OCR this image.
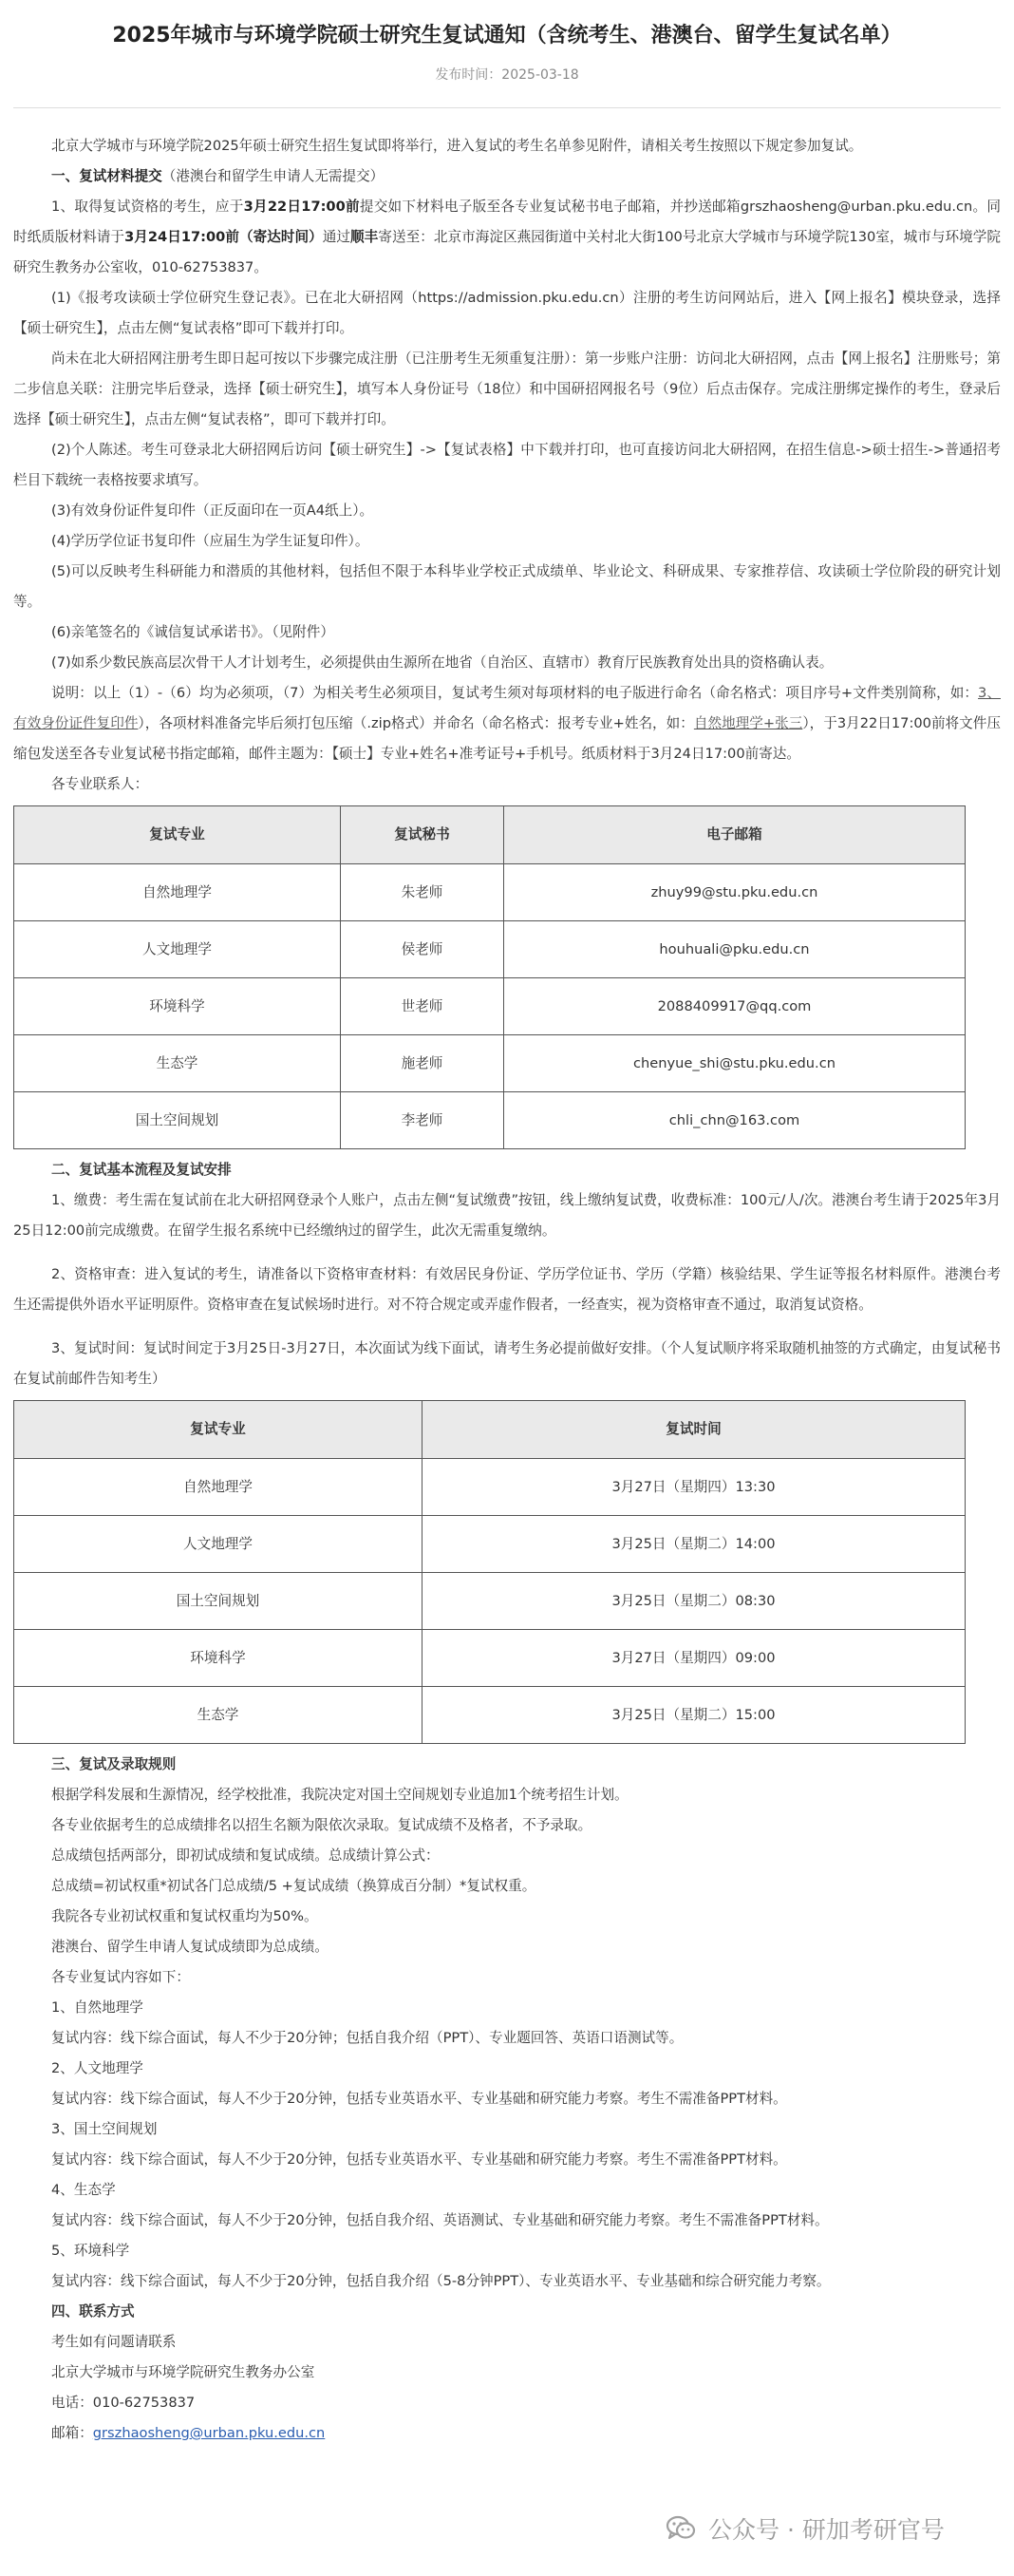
2025年城市与环境学院硕士研究生复试通知（含统考生、港澳台、留学生复试名单）
发布时间：2025-03-18

北京大学城市与环境学院2025年硕士研究生招生复试即将举行，进入复试的考生名单参见附件，请相关考生按照以下规定参加复试。

一、复试材料提交（港澳台和留学生申请人无需提交）

1、取得复试资格的考生，应于3月22日17:00前提交如下材料电子版至各专业复试秘书电子邮箱，并抄送邮箱grszhaosheng@urban.pku.edu.cn。同时纸质版材料请于3月24日17:00前（寄达时间）通过顺丰寄送至：北京市海淀区燕园街道中关村北大街100号北京大学城市与环境学院130室，城市与环境学院研究生教务办公室收，010-62753837。

(1)《报考攻读硕士学位研究生登记表》。已在北大研招网（https://admission.pku.edu.cn）注册的考生访问网站后，进入【网上报名】模块登录，选择【硕士研究生】，点击左侧“复试表格”即可下载并打印。

尚未在北大研招网注册考生即日起可按以下步骤完成注册（已注册考生无须重复注册）：第一步账户注册：访问北大研招网，点击【网上报名】注册账号；第二步信息关联：注册完毕后登录，选择【硕士研究生】，填写本人身份证号（18位）和中国研招网报名号（9位）后点击保存。完成注册绑定操作的考生，登录后选择【硕士研究生】，点击左侧“复试表格”，即可下载并打印。

(2)个人陈述。考生可登录北大研招网后访问【硕士研究生】->【复试表格】中下载并打印，也可直接访问北大研招网，在招生信息->硕士招生->普通招考 栏目下载统一表格按要求填写。

(3)有效身份证件复印件（正反面印在一页A4纸上）。

(4)学历学位证书复印件（应届生为学生证复印件）。

(5)可以反映考生科研能力和潜质的其他材料，包括但不限于本科毕业学校正式成绩单、毕业论文、科研成果、专家推荐信、攻读硕士学位阶段的研究计划等。

(6)亲笔签名的《诚信复试承诺书》。（见附件）

(7)如系少数民族高层次骨干人才计划考生，必须提供由生源所在地省（自治区、直辖市）教育厅民族教育处出具的资格确认表。

说明：以上（1）-（6）均为必须项，（7）为相关考生必须项目，复试考生须对每项材料的电子版进行命名（命名格式：项目序号+文件类别简称，如：3、有效身份证件复印件），各项材料准备完毕后须打包压缩（.zip格式）并命名（命名格式：报考专业+姓名，如：自然地理学+张三），于3月22日17:00前将文件压缩包发送至各专业复试秘书指定邮箱，邮件主题为：【硕士】专业+姓名+准考证号+手机号。纸质材料于3月24日17:00前寄达。

各专业联系人：

复试专业	复试秘书	电子邮箱
自然地理学	朱老师	zhuy99@stu.pku.edu.cn
人文地理学	侯老师	houhuali@pku.edu.cn
环境科学	世老师	2088409917@qq.com
生态学	施老师	chenyue_shi@stu.pku.edu.cn
国土空间规划	李老师	chli_chn@163.com

二、复试基本流程及复试安排

1、缴费：考生需在复试前在北大研招网登录个人账户，点击左侧“复试缴费”按钮，线上缴纳复试费，收费标准：100元/人/次。港澳台考生请于2025年3月25日12:00前完成缴费。在留学生报名系统中已经缴纳过的留学生，此次无需重复缴纳。

2、资格审查：进入复试的考生，请准备以下资格审查材料：有效居民身份证、学历学位证书、学历（学籍）核验结果、学生证等报名材料原件。港澳台考生还需提供外语水平证明原件。资格审查在复试候场时进行。对不符合规定或弄虚作假者，一经查实，视为资格审查不通过，取消复试资格。

3、复试时间：复试时间定于3月25日-3月27日，本次面试为线下面试，请考生务必提前做好安排。（个人复试顺序将采取随机抽签的方式确定，由复试秘书在复试前邮件告知考生）

复试专业	复试时间
自然地理学	3月27日（星期四）13:30
人文地理学	3月25日（星期二）14:00
国土空间规划	3月25日（星期二）08:30
环境科学	3月27日（星期四）09:00
生态学	3月25日（星期二）15:00

三、复试及录取规则

根据学科发展和生源情况，经学校批准，我院决定对国土空间规划专业追加1个统考招生计划。

各专业依据考生的总成绩排名以招生名额为限依次录取。复试成绩不及格者，不予录取。

总成绩包括两部分，即初试成绩和复试成绩。总成绩计算公式：

总成绩=初试权重*初试各门总成绩/5 +复试成绩（换算成百分制）*复试权重。

我院各专业初试权重和复试权重均为50%。

港澳台、留学生申请人复试成绩即为总成绩。

各专业复试内容如下：

1、自然地理学

复试内容：线下综合面试，每人不少于20分钟；包括自我介绍（PPT）、专业题回答、英语口语测试等。

2、人文地理学

复试内容：线下综合面试，每人不少于20分钟，包括专业英语水平、专业基础和研究能力考察。考生不需准备PPT材料。

3、国土空间规划

复试内容：线下综合面试，每人不少于20分钟，包括专业英语水平、专业基础和研究能力考察。考生不需准备PPT材料。

4、生态学

复试内容：线下综合面试，每人不少于20分钟，包括自我介绍、英语测试、专业基础和研究能力考察。考生不需准备PPT材料。

5、环境科学

复试内容：线下综合面试，每人不少于20分钟，包括自我介绍（5-8分钟PPT）、专业英语水平、专业基础和综合研究能力考察。

四、联系方式

考生如有问题请联系

北京大学城市与环境学院研究生教务办公室

电话：010-62753837

邮箱：grszhaosheng@urban.pku.edu.cn

公众号 · 研加考研官号
